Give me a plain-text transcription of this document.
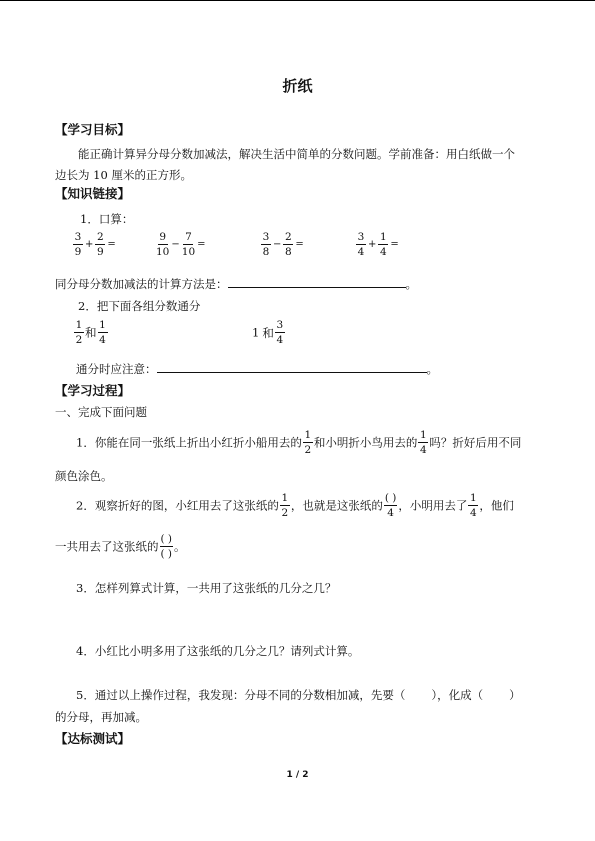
折纸
【学习目标】
能正确计算异分母分数加减法，解决生活中简单的分数问题。学前准备：用白纸做一个
边长为 10 厘米的正方形。
【知识链接】
1．口算：
$\frac{3}{9} + \frac{2}{9}$ =	$\frac{9}{10} - \frac{7}{10}$ =	$\frac{3}{8} - \frac{2}{8}$ =	$\frac{3}{4} + \frac{1}{4}$ =
同分母分数加减法的计算方法是：	。
2．把下面各组分数通分
$\frac{1}{2}$ 和 $\frac{1}{4}$	1 和 $\frac{3}{4}$
通分时应注意：	。
【学习过程】
一、完成下面问题
1．你能在同一张纸上折出小红折小船用去的 $\frac{1}{2}$ 和小明折小鸟用去的 $\frac{1}{4}$ 吗？折好后用不同
颜色涂色。
2．观察折好的图，小红用去了这张纸的 $\frac{1}{2}$ ，也就是这张纸的 $\frac{( )}{4}$ ，小明用去了 $\frac{1}{4}$ ，他们
一共用去了这张纸的 $\frac{( )}{( )}$ 。
3．怎样列算式计算，一共用了这张纸的几分之几？
4．小红比小明多用了这张纸的几分之几？请列式计算。
5．通过以上操作过程，我发现：分母不同的分数相加减，先要（ ），化成（ ）
的分母，再加减。
【达标测试】
1 / 2
